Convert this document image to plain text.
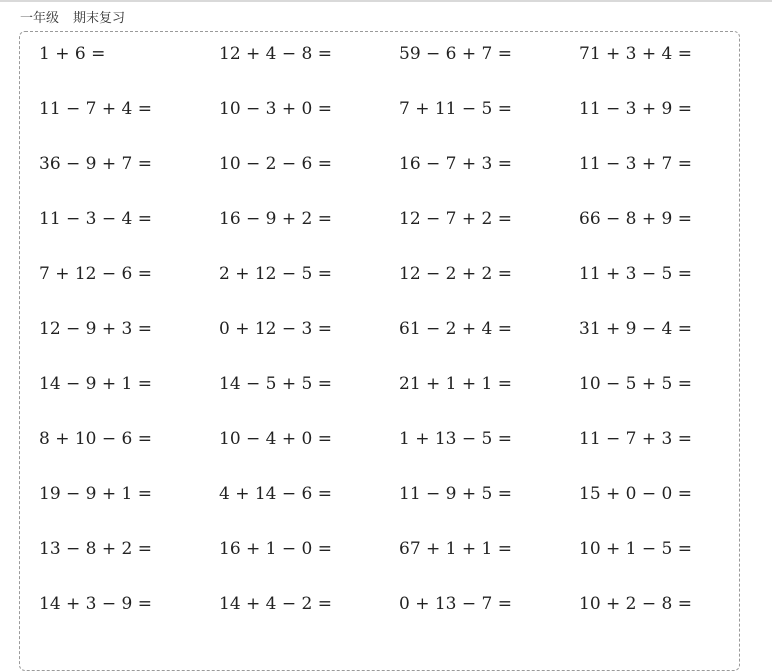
一年级 期末复习
1 + 6 =	12 + 4 − 8 =	59 − 6 + 7 =	71 + 3 + 4 =
11 − 7 + 4 =	10 − 3 + 0 =	7 + 11 − 5 =	11 − 3 + 9 =
36 − 9 + 7 =	10 − 2 − 6 =	16 − 7 + 3 =	11 − 3 + 7 =
11 − 3 − 4 =	16 − 9 + 2 =	12 − 7 + 2 =	66 − 8 + 9 =
7 + 12 − 6 =	2 + 12 − 5 =	12 − 2 + 2 =	11 + 3 − 5 =
12 − 9 + 3 =	0 + 12 − 3 =	61 − 2 + 4 =	31 + 9 − 4 =
14 − 9 + 1 =	14 − 5 + 5 =	21 + 1 + 1 =	10 − 5 + 5 =
8 + 10 − 6 =	10 − 4 + 0 =	1 + 13 − 5 =	11 − 7 + 3 =
19 − 9 + 1 =	4 + 14 − 6 =	11 − 9 + 5 =	15 + 0 − 0 =
13 − 8 + 2 =	16 + 1 − 0 =	67 + 1 + 1 =	10 + 1 − 5 =
14 + 3 − 9 =	14 + 4 − 2 =	0 + 13 − 7 =	10 + 2 − 8 =
